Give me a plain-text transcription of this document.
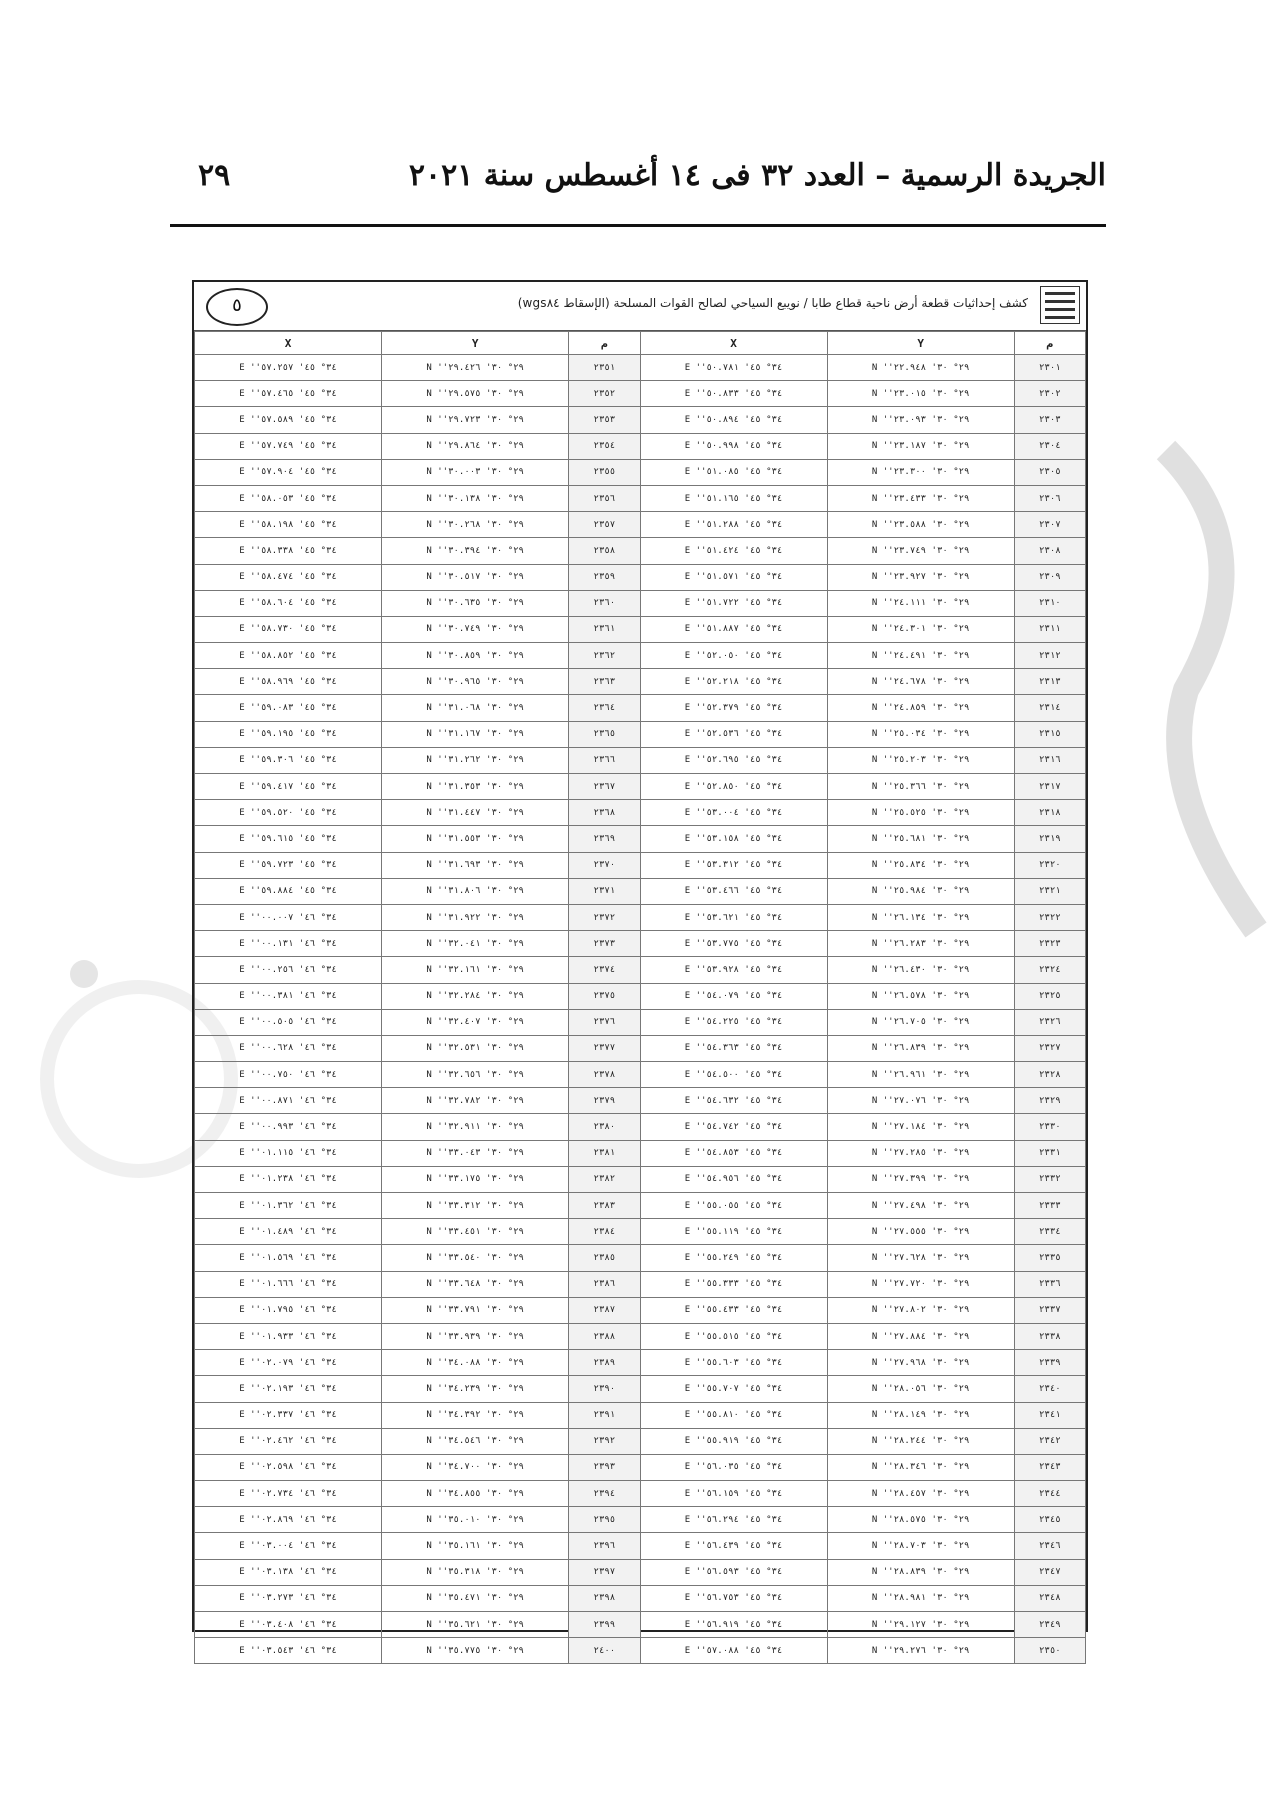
الجريدة الرسمية – العدد ٣٢ فى ١٤ أغسطس سنة ٢٠٢١
٢٩
كشف إحداثيات قطعة أرض ناحية قطاع طابا / نويبع السياحي لصالح القوات المسلحة (الإسقاط wgs٨٤)
٥
م	Y	X	م	Y	X
٢٣٠١	٢٩° ٣٠' ٢٢.٩٤٨'' N	٣٤° ٤٥' ٥٠.٧٨١'' E	٢٣٥١	٢٩° ٣٠' ٢٩.٤٢٦'' N	٣٤° ٤٥' ٥٧.٢٥٧'' E
٢٣٠٢	٢٩° ٣٠' ٢٣.٠١٥'' N	٣٤° ٤٥' ٥٠.٨٣٣'' E	٢٣٥٢	٢٩° ٣٠' ٢٩.٥٧٥'' N	٣٤° ٤٥' ٥٧.٤٦٥'' E
٢٣٠٣	٢٩° ٣٠' ٢٣.٠٩٣'' N	٣٤° ٤٥' ٥٠.٨٩٤'' E	٢٣٥٣	٢٩° ٣٠' ٢٩.٧٢٣'' N	٣٤° ٤٥' ٥٧.٥٨٩'' E
٢٣٠٤	٢٩° ٣٠' ٢٣.١٨٧'' N	٣٤° ٤٥' ٥٠.٩٩٨'' E	٢٣٥٤	٢٩° ٣٠' ٢٩.٨٦٤'' N	٣٤° ٤٥' ٥٧.٧٤٩'' E
٢٣٠٥	٢٩° ٣٠' ٢٣.٣٠٠'' N	٣٤° ٤٥' ٥١.٠٨٥'' E	٢٣٥٥	٢٩° ٣٠' ٣٠.٠٠٣'' N	٣٤° ٤٥' ٥٧.٩٠٤'' E
٢٣٠٦	٢٩° ٣٠' ٢٣.٤٣٣'' N	٣٤° ٤٥' ٥١.١٦٥'' E	٢٣٥٦	٢٩° ٣٠' ٣٠.١٣٨'' N	٣٤° ٤٥' ٥٨.٠٥٣'' E
٢٣٠٧	٢٩° ٣٠' ٢٣.٥٨٨'' N	٣٤° ٤٥' ٥١.٢٨٨'' E	٢٣٥٧	٢٩° ٣٠' ٣٠.٢٦٨'' N	٣٤° ٤٥' ٥٨.١٩٨'' E
٢٣٠٨	٢٩° ٣٠' ٢٣.٧٤٩'' N	٣٤° ٤٥' ٥١.٤٢٤'' E	٢٣٥٨	٢٩° ٣٠' ٣٠.٣٩٤'' N	٣٤° ٤٥' ٥٨.٣٣٨'' E
٢٣٠٩	٢٩° ٣٠' ٢٣.٩٢٧'' N	٣٤° ٤٥' ٥١.٥٧١'' E	٢٣٥٩	٢٩° ٣٠' ٣٠.٥١٧'' N	٣٤° ٤٥' ٥٨.٤٧٤'' E
٢٣١٠	٢٩° ٣٠' ٢٤.١١١'' N	٣٤° ٤٥' ٥١.٧٢٢'' E	٢٣٦٠	٢٩° ٣٠' ٣٠.٦٣٥'' N	٣٤° ٤٥' ٥٨.٦٠٤'' E
٢٣١١	٢٩° ٣٠' ٢٤.٣٠١'' N	٣٤° ٤٥' ٥١.٨٨٧'' E	٢٣٦١	٢٩° ٣٠' ٣٠.٧٤٩'' N	٣٤° ٤٥' ٥٨.٧٣٠'' E
٢٣١٢	٢٩° ٣٠' ٢٤.٤٩١'' N	٣٤° ٤٥' ٥٢.٠٥٠'' E	٢٣٦٢	٢٩° ٣٠' ٣٠.٨٥٩'' N	٣٤° ٤٥' ٥٨.٨٥٢'' E
٢٣١٣	٢٩° ٣٠' ٢٤.٦٧٨'' N	٣٤° ٤٥' ٥٢.٢١٨'' E	٢٣٦٣	٢٩° ٣٠' ٣٠.٩٦٥'' N	٣٤° ٤٥' ٥٨.٩٦٩'' E
٢٣١٤	٢٩° ٣٠' ٢٤.٨٥٩'' N	٣٤° ٤٥' ٥٢.٣٧٩'' E	٢٣٦٤	٢٩° ٣٠' ٣١.٠٦٨'' N	٣٤° ٤٥' ٥٩.٠٨٣'' E
٢٣١٥	٢٩° ٣٠' ٢٥.٠٣٤'' N	٣٤° ٤٥' ٥٢.٥٣٦'' E	٢٣٦٥	٢٩° ٣٠' ٣١.١٦٧'' N	٣٤° ٤٥' ٥٩.١٩٥'' E
٢٣١٦	٢٩° ٣٠' ٢٥.٢٠٣'' N	٣٤° ٤٥' ٥٢.٦٩٥'' E	٢٣٦٦	٢٩° ٣٠' ٣١.٢٦٢'' N	٣٤° ٤٥' ٥٩.٣٠٦'' E
٢٣١٧	٢٩° ٣٠' ٢٥.٣٦٦'' N	٣٤° ٤٥' ٥٢.٨٥٠'' E	٢٣٦٧	٢٩° ٣٠' ٣١.٣٥٣'' N	٣٤° ٤٥' ٥٩.٤١٧'' E
٢٣١٨	٢٩° ٣٠' ٢٥.٥٢٥'' N	٣٤° ٤٥' ٥٣.٠٠٤'' E	٢٣٦٨	٢٩° ٣٠' ٣١.٤٤٧'' N	٣٤° ٤٥' ٥٩.٥٢٠'' E
٢٣١٩	٢٩° ٣٠' ٢٥.٦٨١'' N	٣٤° ٤٥' ٥٣.١٥٨'' E	٢٣٦٩	٢٩° ٣٠' ٣١.٥٥٣'' N	٣٤° ٤٥' ٥٩.٦١٥'' E
٢٣٢٠	٢٩° ٣٠' ٢٥.٨٣٤'' N	٣٤° ٤٥' ٥٣.٣١٢'' E	٢٣٧٠	٢٩° ٣٠' ٣١.٦٩٣'' N	٣٤° ٤٥' ٥٩.٧٢٣'' E
٢٣٢١	٢٩° ٣٠' ٢٥.٩٨٤'' N	٣٤° ٤٥' ٥٣.٤٦٦'' E	٢٣٧١	٢٩° ٣٠' ٣١.٨٠٦'' N	٣٤° ٤٥' ٥٩.٨٨٤'' E
٢٣٢٢	٢٩° ٣٠' ٢٦.١٣٤'' N	٣٤° ٤٥' ٥٣.٦٢١'' E	٢٣٧٢	٢٩° ٣٠' ٣١.٩٢٢'' N	٣٤° ٤٦' ٠٠.٠٠٧'' E
٢٣٢٣	٢٩° ٣٠' ٢٦.٢٨٣'' N	٣٤° ٤٥' ٥٣.٧٧٥'' E	٢٣٧٣	٢٩° ٣٠' ٣٢.٠٤١'' N	٣٤° ٤٦' ٠٠.١٣١'' E
٢٣٢٤	٢٩° ٣٠' ٢٦.٤٣٠'' N	٣٤° ٤٥' ٥٣.٩٢٨'' E	٢٣٧٤	٢٩° ٣٠' ٣٢.١٦١'' N	٣٤° ٤٦' ٠٠.٢٥٦'' E
٢٣٢٥	٢٩° ٣٠' ٢٦.٥٧٨'' N	٣٤° ٤٥' ٥٤.٠٧٩'' E	٢٣٧٥	٢٩° ٣٠' ٣٢.٢٨٤'' N	٣٤° ٤٦' ٠٠.٣٨١'' E
٢٣٢٦	٢٩° ٣٠' ٢٦.٧٠٥'' N	٣٤° ٤٥' ٥٤.٢٢٥'' E	٢٣٧٦	٢٩° ٣٠' ٣٢.٤٠٧'' N	٣٤° ٤٦' ٠٠.٥٠٥'' E
٢٣٢٧	٢٩° ٣٠' ٢٦.٨٣٩'' N	٣٤° ٤٥' ٥٤.٣٦٣'' E	٢٣٧٧	٢٩° ٣٠' ٣٢.٥٣١'' N	٣٤° ٤٦' ٠٠.٦٢٨'' E
٢٣٢٨	٢٩° ٣٠' ٢٦.٩٦١'' N	٣٤° ٤٥' ٥٤.٥٠٠'' E	٢٣٧٨	٢٩° ٣٠' ٣٢.٦٥٦'' N	٣٤° ٤٦' ٠٠.٧٥٠'' E
٢٣٢٩	٢٩° ٣٠' ٢٧.٠٧٦'' N	٣٤° ٤٥' ٥٤.٦٣٢'' E	٢٣٧٩	٢٩° ٣٠' ٣٢.٧٨٢'' N	٣٤° ٤٦' ٠٠.٨٧١'' E
٢٣٣٠	٢٩° ٣٠' ٢٧.١٨٤'' N	٣٤° ٤٥' ٥٤.٧٤٢'' E	٢٣٨٠	٢٩° ٣٠' ٣٢.٩١١'' N	٣٤° ٤٦' ٠٠.٩٩٣'' E
٢٣٣١	٢٩° ٣٠' ٢٧.٢٨٥'' N	٣٤° ٤٥' ٥٤.٨٥٣'' E	٢٣٨١	٢٩° ٣٠' ٣٣.٠٤٣'' N	٣٤° ٤٦' ٠١.١١٥'' E
٢٣٣٢	٢٩° ٣٠' ٢٧.٣٩٩'' N	٣٤° ٤٥' ٥٤.٩٥٦'' E	٢٣٨٢	٢٩° ٣٠' ٣٣.١٧٥'' N	٣٤° ٤٦' ٠١.٢٣٨'' E
٢٣٣٣	٢٩° ٣٠' ٢٧.٤٩٨'' N	٣٤° ٤٥' ٥٥.٠٥٥'' E	٢٣٨٣	٢٩° ٣٠' ٣٣.٣١٢'' N	٣٤° ٤٦' ٠١.٣٦٢'' E
٢٣٣٤	٢٩° ٣٠' ٢٧.٥٥٥'' N	٣٤° ٤٥' ٥٥.١١٩'' E	٢٣٨٤	٢٩° ٣٠' ٣٣.٤٥١'' N	٣٤° ٤٦' ٠١.٤٨٩'' E
٢٣٣٥	٢٩° ٣٠' ٢٧.٦٢٨'' N	٣٤° ٤٥' ٥٥.٢٤٩'' E	٢٣٨٥	٢٩° ٣٠' ٣٣.٥٤٠'' N	٣٤° ٤٦' ٠١.٥٦٩'' E
٢٣٣٦	٢٩° ٣٠' ٢٧.٧٢٠'' N	٣٤° ٤٥' ٥٥.٣٣٣'' E	٢٣٨٦	٢٩° ٣٠' ٣٣.٦٤٨'' N	٣٤° ٤٦' ٠١.٦٦٦'' E
٢٣٣٧	٢٩° ٣٠' ٢٧.٨٠٢'' N	٣٤° ٤٥' ٥٥.٤٣٣'' E	٢٣٨٧	٢٩° ٣٠' ٣٣.٧٩١'' N	٣٤° ٤٦' ٠١.٧٩٥'' E
٢٣٣٨	٢٩° ٣٠' ٢٧.٨٨٤'' N	٣٤° ٤٥' ٥٥.٥١٥'' E	٢٣٨٨	٢٩° ٣٠' ٣٣.٩٣٩'' N	٣٤° ٤٦' ٠١.٩٣٣'' E
٢٣٣٩	٢٩° ٣٠' ٢٧.٩٦٨'' N	٣٤° ٤٥' ٥٥.٦٠٣'' E	٢٣٨٩	٢٩° ٣٠' ٣٤.٠٨٨'' N	٣٤° ٤٦' ٠٢.٠٧٩'' E
٢٣٤٠	٢٩° ٣٠' ٢٨.٠٥٦'' N	٣٤° ٤٥' ٥٥.٧٠٧'' E	٢٣٩٠	٢٩° ٣٠' ٣٤.٢٣٩'' N	٣٤° ٤٦' ٠٢.١٩٣'' E
٢٣٤١	٢٩° ٣٠' ٢٨.١٤٩'' N	٣٤° ٤٥' ٥٥.٨١٠'' E	٢٣٩١	٢٩° ٣٠' ٣٤.٣٩٢'' N	٣٤° ٤٦' ٠٢.٣٣٧'' E
٢٣٤٢	٢٩° ٣٠' ٢٨.٢٤٤'' N	٣٤° ٤٥' ٥٥.٩١٩'' E	٢٣٩٢	٢٩° ٣٠' ٣٤.٥٤٦'' N	٣٤° ٤٦' ٠٢.٤٦٢'' E
٢٣٤٣	٢٩° ٣٠' ٢٨.٣٤٦'' N	٣٤° ٤٥' ٥٦.٠٣٥'' E	٢٣٩٣	٢٩° ٣٠' ٣٤.٧٠٠'' N	٣٤° ٤٦' ٠٢.٥٩٨'' E
٢٣٤٤	٢٩° ٣٠' ٢٨.٤٥٧'' N	٣٤° ٤٥' ٥٦.١٥٩'' E	٢٣٩٤	٢٩° ٣٠' ٣٤.٨٥٥'' N	٣٤° ٤٦' ٠٢.٧٣٤'' E
٢٣٤٥	٢٩° ٣٠' ٢٨.٥٧٥'' N	٣٤° ٤٥' ٥٦.٢٩٤'' E	٢٣٩٥	٢٩° ٣٠' ٣٥.٠١٠'' N	٣٤° ٤٦' ٠٢.٨٦٩'' E
٢٣٤٦	٢٩° ٣٠' ٢٨.٧٠٣'' N	٣٤° ٤٥' ٥٦.٤٣٩'' E	٢٣٩٦	٢٩° ٣٠' ٣٥.١٦١'' N	٣٤° ٤٦' ٠٣.٠٠٤'' E
٢٣٤٧	٢٩° ٣٠' ٢٨.٨٣٩'' N	٣٤° ٤٥' ٥٦.٥٩٣'' E	٢٣٩٧	٢٩° ٣٠' ٣٥.٣١٨'' N	٣٤° ٤٦' ٠٣.١٣٨'' E
٢٣٤٨	٢٩° ٣٠' ٢٨.٩٨١'' N	٣٤° ٤٥' ٥٦.٧٥٣'' E	٢٣٩٨	٢٩° ٣٠' ٣٥.٤٧١'' N	٣٤° ٤٦' ٠٣.٢٧٣'' E
٢٣٤٩	٢٩° ٣٠' ٢٩.١٢٧'' N	٣٤° ٤٥' ٥٦.٩١٩'' E	٢٣٩٩	٢٩° ٣٠' ٣٥.٦٢١'' N	٣٤° ٤٦' ٠٣.٤٠٨'' E
٢٣٥٠	٢٩° ٣٠' ٢٩.٢٧٦'' N	٣٤° ٤٥' ٥٧.٠٨٨'' E	٢٤٠٠	٢٩° ٣٠' ٣٥.٧٧٥'' N	٣٤° ٤٦' ٠٣.٥٤٣'' E
